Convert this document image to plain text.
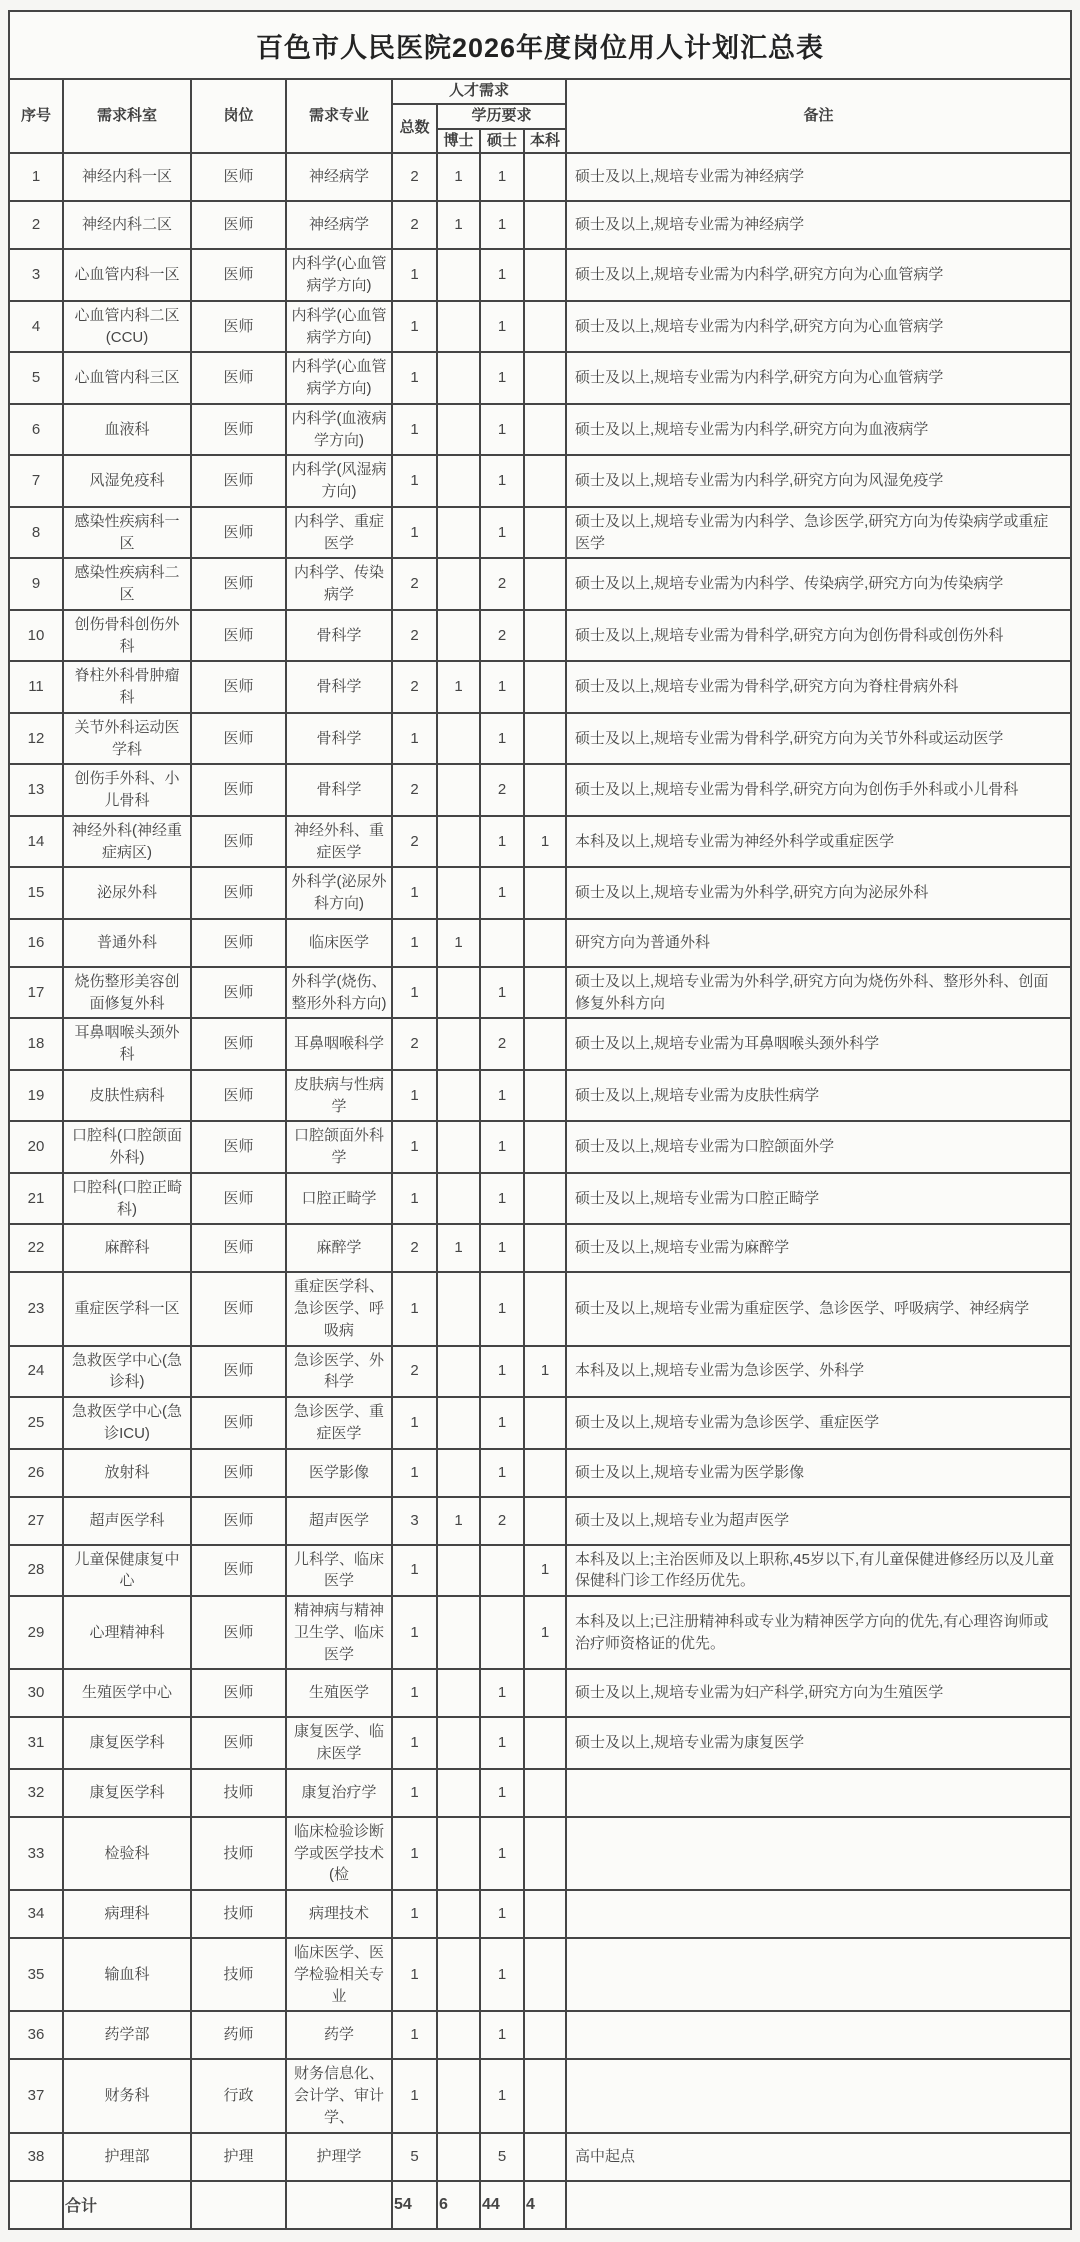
百色市人民医院2026年度岗位用人计划汇总表								
序号	需求科室	岗位	需求专业	人才需求				备注
				总数	学历要求			
					博士	硕士	本科	
1	神经内科一区	医师	神经病学	2	1	1		硕士及以上,规培专业需为神经病学
2	神经内科二区	医师	神经病学	2	1	1		硕士及以上,规培专业需为神经病学
3	心血管内科一区	医师	内科学(心血管病学方向)	1		1		硕士及以上,规培专业需为内科学,研究方向为心血管病学
4	心血管内科二区(CCU)	医师	内科学(心血管病学方向)	1		1		硕士及以上,规培专业需为内科学,研究方向为心血管病学
5	心血管内科三区	医师	内科学(心血管病学方向)	1		1		硕士及以上,规培专业需为内科学,研究方向为心血管病学
6	血液科	医师	内科学(血液病学方向)	1		1		硕士及以上,规培专业需为内科学,研究方向为血液病学
7	风湿免疫科	医师	内科学(风湿病方向)	1		1		硕士及以上,规培专业需为内科学,研究方向为风湿免疫学
8	感染性疾病科一区	医师	内科学、重症医学	1		1		硕士及以上,规培专业需为内科学、急诊医学,研究方向为传染病学或重症医学
9	感染性疾病科二区	医师	内科学、传染病学	2		2		硕士及以上,规培专业需为内科学、传染病学,研究方向为传染病学
10	创伤骨科创伤外科	医师	骨科学	2		2		硕士及以上,规培专业需为骨科学,研究方向为创伤骨科或创伤外科
11	脊柱外科骨肿瘤科	医师	骨科学	2	1	1		硕士及以上,规培专业需为骨科学,研究方向为脊柱骨病外科
12	关节外科运动医学科	医师	骨科学	1		1		硕士及以上,规培专业需为骨科学,研究方向为关节外科或运动医学
13	创伤手外科、小儿骨科	医师	骨科学	2		2		硕士及以上,规培专业需为骨科学,研究方向为创伤手外科或小儿骨科
14	神经外科(神经重症病区)	医师	神经外科、重症医学	2		1	1	本科及以上,规培专业需为神经外科学或重症医学
15	泌尿外科	医师	外科学(泌尿外科方向)	1		1		硕士及以上,规培专业需为外科学,研究方向为泌尿外科
16	普通外科	医师	临床医学	1	1			研究方向为普通外科
17	烧伤整形美容创面修复外科	医师	外科学(烧伤、整形外科方向)	1		1		硕士及以上,规培专业需为外科学,研究方向为烧伤外科、整形外科、创面修复外科方向
18	耳鼻咽喉头颈外科	医师	耳鼻咽喉科学	2		2		硕士及以上,规培专业需为耳鼻咽喉头颈外科学
19	皮肤性病科	医师	皮肤病与性病学	1		1		硕士及以上,规培专业需为皮肤性病学
20	口腔科(口腔颌面外科)	医师	口腔颌面外科学	1		1		硕士及以上,规培专业需为口腔颌面外学
21	口腔科(口腔正畸科)	医师	口腔正畸学	1		1		硕士及以上,规培专业需为口腔正畸学
22	麻醉科	医师	麻醉学	2	1	1		硕士及以上,规培专业需为麻醉学
23	重症医学科一区	医师	重症医学科、急诊医学、呼吸病	1		1		硕士及以上,规培专业需为重症医学、急诊医学、呼吸病学、神经病学
24	急救医学中心(急诊科)	医师	急诊医学、外科学	2		1	1	本科及以上,规培专业需为急诊医学、外科学
25	急救医学中心(急诊ICU)	医师	急诊医学、重症医学	1		1		硕士及以上,规培专业需为急诊医学、重症医学
26	放射科	医师	医学影像	1		1		硕士及以上,规培专业需为医学影像
27	超声医学科	医师	超声医学	3	1	2		硕士及以上,规培专业为超声医学
28	儿童保健康复中心	医师	儿科学、临床医学	1			1	本科及以上;主治医师及以上职称,45岁以下,有儿童保健进修经历以及儿童保健科门诊工作经历优先。
29	心理精神科	医师	精神病与精神卫生学、临床医学	1			1	本科及以上;已注册精神科或专业为精神医学方向的优先,有心理咨询师或治疗师资格证的优先。
30	生殖医学中心	医师	生殖医学	1		1		硕士及以上,规培专业需为妇产科学,研究方向为生殖医学
31	康复医学科	医师	康复医学、临床医学	1		1		硕士及以上,规培专业需为康复医学
32	康复医学科	技师	康复治疗学	1		1		
33	检验科	技师	临床检验诊断学或医学技术(检	1		1		
34	病理科	技师	病理技术	1		1		
35	输血科	技师	临床医学、医学检验相关专业	1		1		
36	药学部	药师	药学	1		1		
37	财务科	行政	财务信息化、会计学、审计学、	1		1		
38	护理部	护理	护理学	5		5		高中起点
	合计			54	6	44	4	
